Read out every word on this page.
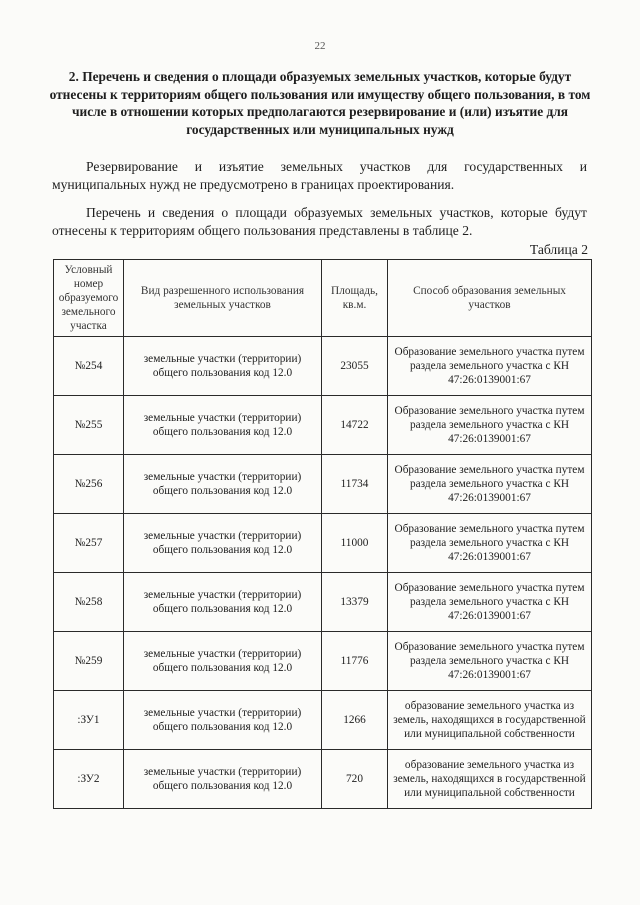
22
2. Перечень и сведения о площади образуемых земельных участков, которые будут отнесены к территориям общего пользования или имуществу общего пользования, в том числе в отношении которых предполагаются резервирование и (или) изъятие для государственных или муниципальных нужд
Резервирование и изъятие земельных участков для государственных и муниципальных нужд не предусмотрено в границах проектирования.
Перечень и сведения о площади образуемых земельных участков, которые будут отнесены к территориям общего пользования представлены в таблице 2.
Таблица 2
Условный номер образуемого земельного участка	Вид разрешенного использования земельных участков	Площадь, кв.м.	Способ образования земельных участков
№254	земельные участки (территории) общего пользования код 12.0	23055	Образование земельного участка путем раздела земельного участка с КН 47:26:0139001:67
№255	земельные участки (территории) общего пользования код 12.0	14722	Образование земельного участка путем раздела земельного участка с КН 47:26:0139001:67
№256	земельные участки (территории) общего пользования код 12.0	11734	Образование земельного участка путем раздела земельного участка с КН 47:26:0139001:67
№257	земельные участки (территории) общего пользования код 12.0	11000	Образование земельного участка путем раздела земельного участка с КН 47:26:0139001:67
№258	земельные участки (территории) общего пользования код 12.0	13379	Образование земельного участка путем раздела земельного участка с КН 47:26:0139001:67
№259	земельные участки (территории) общего пользования код 12.0	11776	Образование земельного участка путем раздела земельного участка с КН 47:26:0139001:67
:ЗУ1	земельные участки (территории) общего пользования код 12.0	1266	образование земельного участка из земель, находящихся в государственной или муниципальной собственности
:ЗУ2	земельные участки (территории) общего пользования код 12.0	720	образование земельного участка из земель, находящихся в государственной или муниципальной собственности
